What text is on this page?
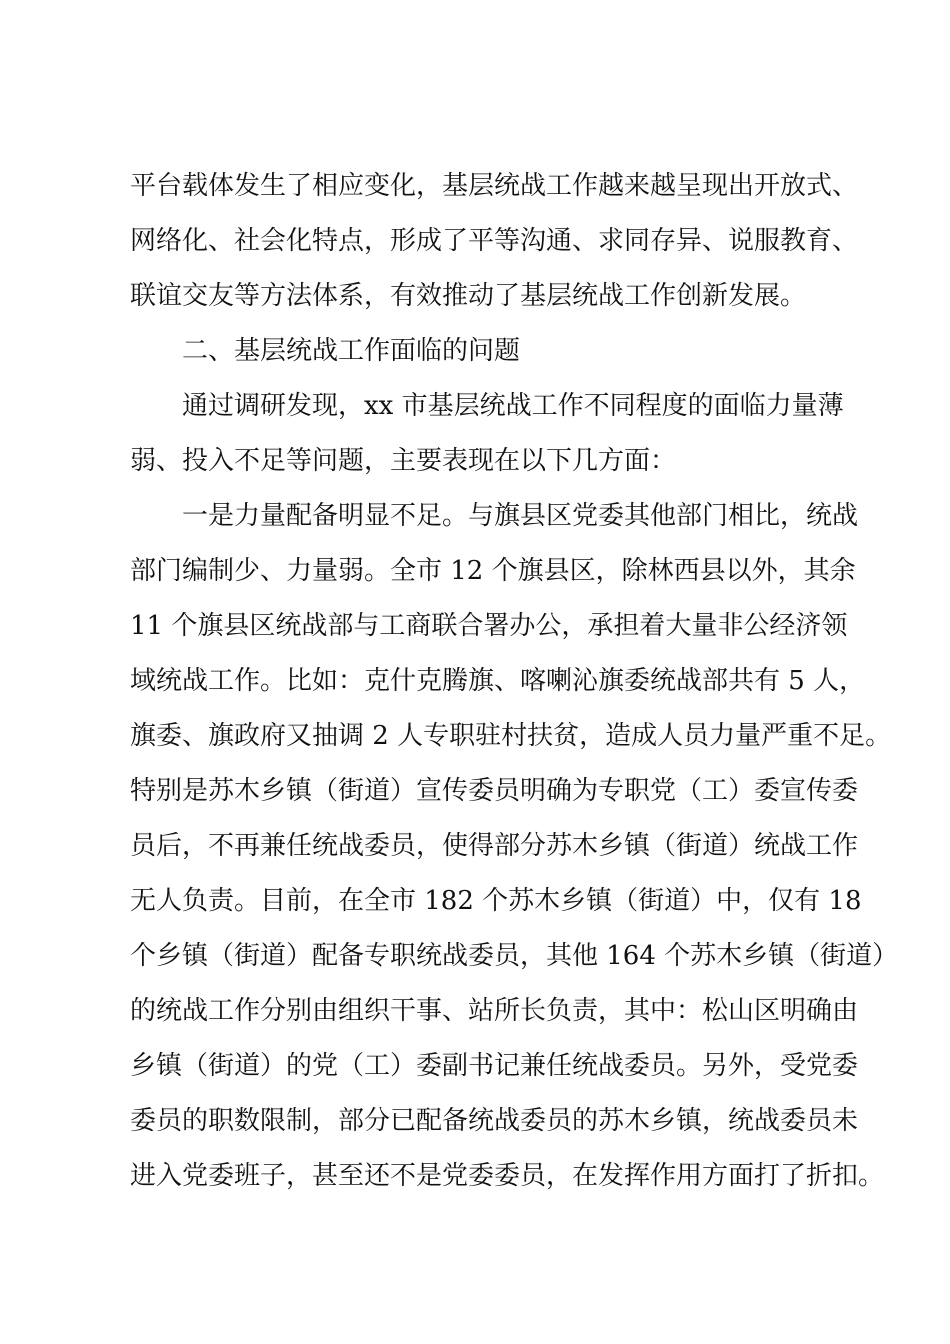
平台载体发生了相应变化，基层统战工作越来越呈现出开放式、
网络化、社会化特点，形成了平等沟通、求同存异、说服教育、
联谊交友等方法体系，有效推动了基层统战工作创新发展。
二、基层统战工作面临的问题
通过调研发现，xx 市基层统战工作不同程度的面临力量薄
弱、投入不足等问题，主要表现在以下几方面：
一是力量配备明显不足。与旗县区党委其他部门相比，统战
部门编制少、力量弱。全市 12 个旗县区，除林西县以外，其余
11 个旗县区统战部与工商联合署办公，承担着大量非公经济领
域统战工作。比如：克什克腾旗、喀喇沁旗委统战部共有 5 人，
旗委、旗政府又抽调 2 人专职驻村扶贫，造成人员力量严重不足。
特别是苏木乡镇（街道）宣传委员明确为专职党（工）委宣传委
员后，不再兼任统战委员，使得部分苏木乡镇（街道）统战工作
无人负责。目前，在全市 182 个苏木乡镇（街道）中，仅有 18
个乡镇（街道）配备专职统战委员，其他 164 个苏木乡镇（街道）
的统战工作分别由组织干事、站所长负责，其中：松山区明确由
乡镇（街道）的党（工）委副书记兼任统战委员。另外，受党委
委员的职数限制，部分已配备统战委员的苏木乡镇，统战委员未
进入党委班子，甚至还不是党委委员，在发挥作用方面打了折扣。
